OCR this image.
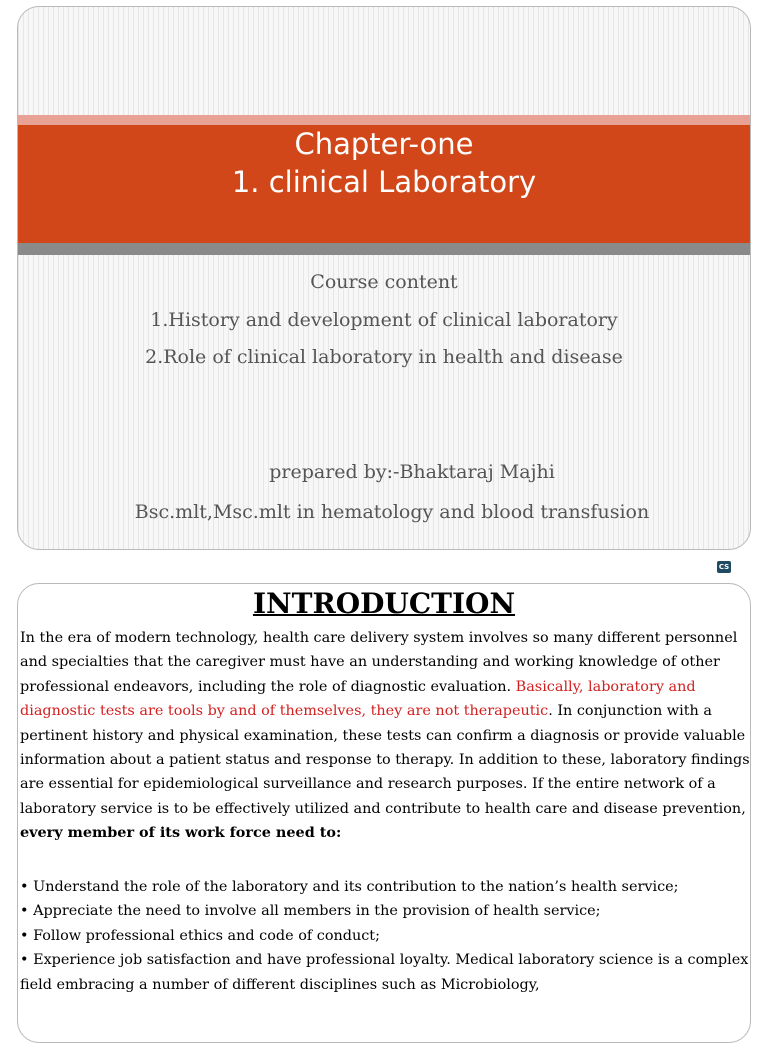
Chapter-one
1. clinical Laboratory
Course content
1.History and development of clinical laboratory
2.Role of clinical laboratory in health and disease
prepared by:-Bhaktaraj Majhi
Bsc.mlt,Msc.mlt in hematology and blood transfusion
CS
INTRODUCTION
In the era of modern technology, health care delivery system involves so many different personnel and specialties that the caregiver must have an understanding and working knowledge of other professional endeavors, including the role of diagnostic evaluation. Basically, laboratory and diagnostic tests are tools by and of themselves, they are not therapeutic. In conjunction with a pertinent history and physical examination, these tests can confirm a diagnosis or provide valuable information about a patient status and response to therapy. In addition to these, laboratory findings are essential for epidemiological surveillance and research purposes. If the entire network of a laboratory service is to be effectively utilized and contribute to health care and disease prevention, every member of its work force need to:
• Understand the role of the laboratory and its contribution to the nation’s health service;
• Appreciate the need to involve all members in the provision of health service;
• Follow professional ethics and code of conduct;
• Experience job satisfaction and have professional loyalty. Medical laboratory science is a complex field embracing a number of different disciplines such as Microbiology,
